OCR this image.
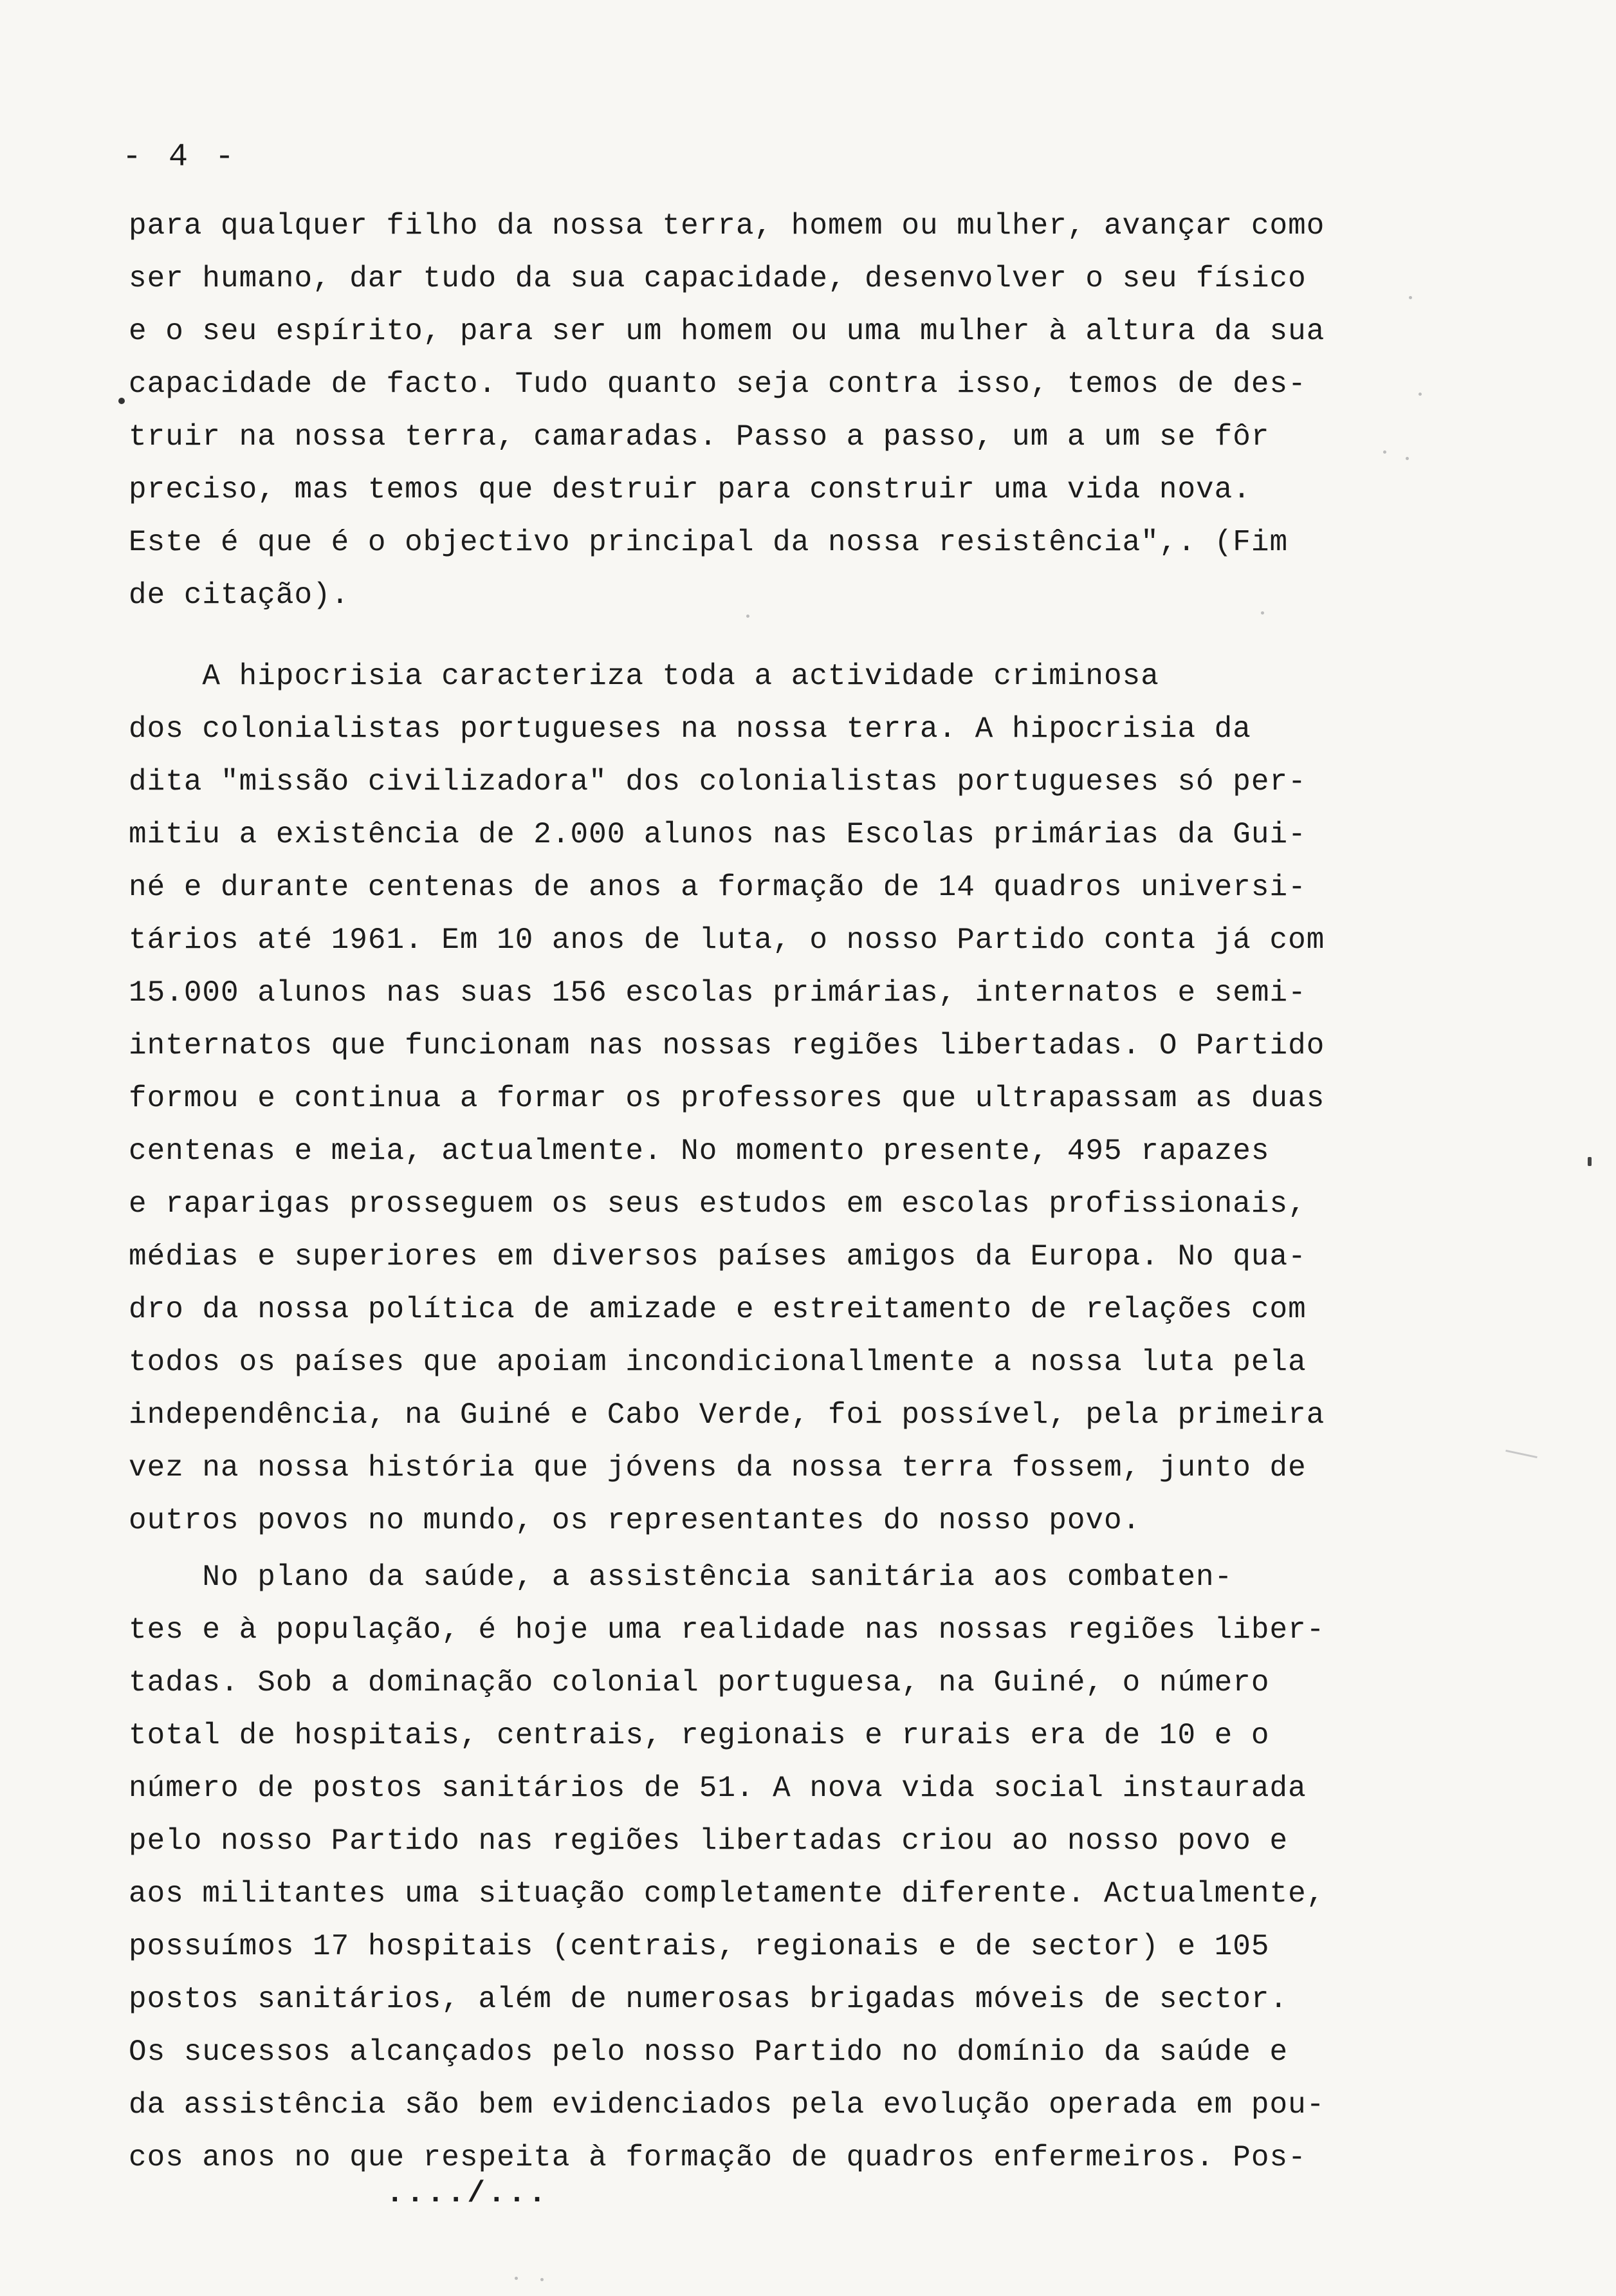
- 4 -
para qualquer filho da nossa terra, homem ou mulher, avançar como
ser humano, dar tudo da sua capacidade, desenvolver o seu físico
e o seu espírito, para ser um homem ou uma mulher à altura da sua
capacidade de facto. Tudo quanto seja contra isso, temos de des-
truir na nossa terra, camaradas. Passo a passo, um a um se fôr
preciso, mas temos que destruir para construir uma vida nova.
Este é que é o objectivo principal da nossa resistência",. (Fim
de citação).
A hipocrisia caracteriza toda a actividade criminosa
dos colonialistas portugueses na nossa terra. A hipocrisia da
dita "missão civilizadora" dos colonialistas portugueses só per-
mitiu a existência de 2.000 alunos nas Escolas primárias da Gui-
né e durante centenas de anos a formação de 14 quadros universi-
tários até 1961. Em 10 anos de luta, o nosso Partido conta já com
15.000 alunos nas suas 156 escolas primárias, internatos e semi-
internatos que funcionam nas nossas regiões libertadas. O Partido
formou e continua a formar os professores que ultrapassam as duas
centenas e meia, actualmente. No momento presente, 495 rapazes
e raparigas prosseguem os seus estudos em escolas profissionais,
médias e superiores em diversos países amigos da Europa. No qua-
dro da nossa política de amizade e estreitamento de relações com
todos os países que apoiam incondicionallmente a nossa luta pela
independência, na Guiné e Cabo Verde, foi possível, pela primeira
vez na nossa história que jóvens da nossa terra fossem, junto de
outros povos no mundo, os representantes do nosso povo.
No plano da saúde, a assistência sanitária aos combaten-
tes e à população, é hoje uma realidade nas nossas regiões liber-
tadas. Sob a dominação colonial portuguesa, na Guiné, o número
total de hospitais, centrais, regionais e rurais era de 10 e o
número de postos sanitários de 51. A nova vida social instaurada
pelo nosso Partido nas regiões libertadas criou ao nosso povo e
aos militantes uma situação completamente diferente. Actualmente,
possuímos 17 hospitais (centrais, regionais e de sector) e 105
postos sanitários, além de numerosas brigadas móveis de sector.
Os sucessos alcançados pelo nosso Partido no domínio da saúde e
da assistência são bem evidenciados pela evolução operada em pou-
cos anos no que respeita à formação de quadros enfermeiros. Pos-
..../...
